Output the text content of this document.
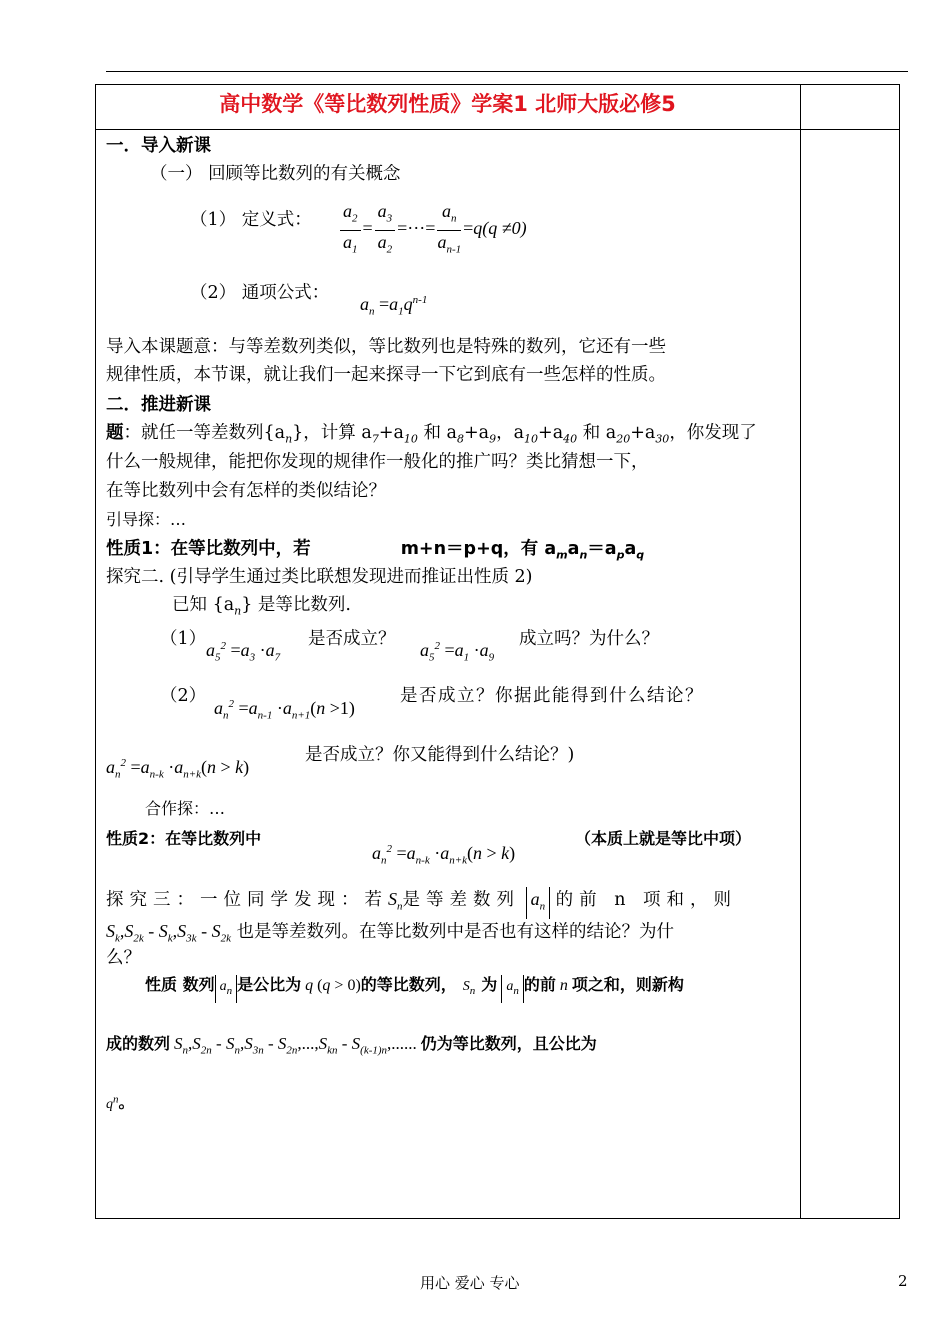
高中数学《等比数列性质》学案1 北师大版必修5
一．导入新课
（一） 回顾等比数列的有关概念
（1） 定义式： $\frac{a_2}{a_1} = \frac{a_3}{a_2}$ =···= $\frac{a_n}{a_{n-1}} =q(q \ne 0)$
（2） 通项公式：
$a_n =a_1q^{n-1}$
导入本课题意：与等差数列类似，等比数列也是特殊的数列，它还有一些
规律性质，本节课，就让我们一起来探寻一下它到底有一些怎样的性质。
二．推进新课
题：就任一等差数列$\{a_n\}$，计算 $a_7+a_{10}$ 和 $a_8+a_9$，$a_{10}+a_{40}$ 和 $a_{20}+a_{30}$，你发现了
什么一般规律，能把你发现的规律作一般化的推广吗？类比猜想一下，
在等比数列中会有怎样的类似结论？
引导探：…
性质1：在等比数列中，若	m+n＝p+q，有 $a_ma_n=a_pa_q$
探究二. (引导学生通过类比联想发现进而推证出性质 2)
已知 $\{a_n\}$ 是等比数列.
（1）
$a_5^2 =a_3 \cdot a_7$
是否成立？
$a_5^2 =a_1 \cdot a_9$
成立吗？为什么？
（2）
$a_n^2 =a_{n-1} \cdot a_{n+1}(n >1)$
是否成立？你据此能得到什么结论？
$a_n^2 =a_{n-k} \cdot a_{n+k}(n > k)$
是否成立？你又能得到什么结论？)
合作探：…
性质2：在等比数列中
$a_n^2 =a_{n-k} \cdot a_{n+k}(n > k)$
（本质上就是等比中项）
探究三：一位同学发现：若$S_n$是等差数列 $a_n$ 的前 n 项和，则
$S_k,S_{2k} - S_k,S_{3k} - S_{2k}$ 也是等差数列。在等比数列中是否也有这样的结论？为什
么？
性质 数列 $a_n$ 是公比为 q (q > 0)的等比数列， $S_n$ 为 $a_n$ 的前 n 项之和，则新构
成的数列 $S_n,S_{2n} - S_n,S_{3n} - S_{2n},...,S_{kn} - S_{(k-1)n}$,...... 仍为等比数列，且公比为
$q^n$。
用心 爱心 专心	2
